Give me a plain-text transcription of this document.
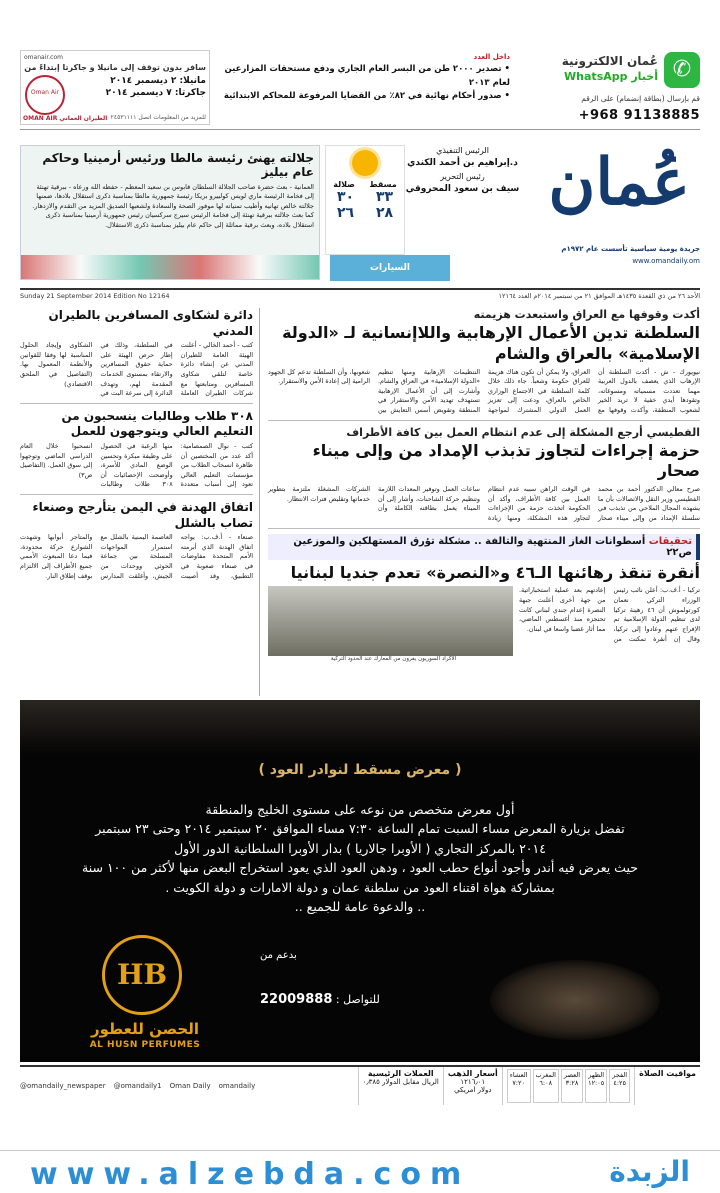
omanair.com
سافر بدون توقف إلى مانيلا و جاكرتا إبتداءً من
مانيلا: ٢ ديسمبر ٢٠١٤
جاكرتا: ٧ ديسمبر ٢٠١٤
Oman Air
الطيران العماني OMAN AIR للمزيد من المعلومات اتصل ٢٤٥٣١١١١
داخل العدد
• تصدير ٢٠٠٠ طن من البسر العام الجاري ودفع مستحقات المزارعين لعام ٢٠١٣
• صدور أحكام نهائية في ٨٢٪ من القضايا المرفوعة للمحاكم الابتدائية
✆
عُمان الالكترونية
أخبار WhatsApp
قم بإرسال (بطاقة إنضمام) على الرقم
+968 91138885
عُمان
جريدة يومية سياسية تأسست عام ١٩٧٢م
www.omandaily.om
الرئيس التنفيذي
د.إبراهيم بن أحمد الكندي
رئيس التحرير
سيف بن سعود المحروقي
صلالة مسقط
٣٠ ٣٣
٢٦ ٢٨
السيارات
جلالته يهنئ رئيسة مالطا ورئيس أرمينيا وحاكم عام بيليز

العمانية - بعث حضرة صاحب الجلالة السلطان قابوس بن سعيد المعظم - حفظه الله ورعاه - ببرقية تهنئة إلى فخامة الرئيسة ماري لويس كولييرو بريكا رئيسة جمهورية مالطا بمناسبة ذكرى استقلال بلادها، ضمنها جلالته خالص تهانيه وأطيب تمنياته لها موفور الصحة والسعادة ولشعبها الصديق المزيد من التقدم والازدهار. كما بعث جلالته ببرقية تهنئة إلى فخامة الرئيس سيرج سركسيان رئيس جمهورية أرمينيا بمناسبة ذكرى استقلال بلاده، وبعث برقية مماثلة إلى حاكم عام بيليز بمناسبة ذكرى الاستقلال.

Sunday 21 September 2014 Edition No 12164	الأحد ٢٦ من ذي القعدة ١٤٣٥هـ الموافق ٢١ من سبتمبر ٢٠١٤م العدد ١٢١٦٤
أكدت وقوفها مع العراق واستبعدت هزيمته
السلطنة تدين الأعمال الإرهابية واللاإنسانية لـ «الدولة الإسلامية» بالعراق والشام
نيويورك - ش - أكدت السلطنة أن الإرهاب الذي يعصف بالدول العربية مهما تعددت مسمياته ومسوغاته، وتقودها أيدي خفية لا تريد الخير لشعوب المنطقة، وأكدت وقوفها مع العراق، ولا يمكن أن تكون هناك هزيمة للعراق حكومة وشعباً. جاء ذلك خلال كلمة السلطنة في الاجتماع الوزاري الخاص بالعراق، ودعت إلى تعزيز العمل الدولي المشترك لمواجهة التنظيمات الإرهابية ومنها تنظيم «الدولة الإسلامية» في العراق والشام. وأشارت إلى أن الأعمال الإرهابية تستهدف تهديد الأمن والاستقرار في المنطقة وتقويض أسس التعايش بين شعوبها، وأن السلطنة تدعم كل الجهود الرامية إلى إعادة الأمن والاستقرار.
الفطيسي أرجع المشكلة إلى عدم انتظام العمل بين كافة الأطراف
حزمة إجراءات لتجاوز تذبذب الإمداد من وإلى ميناء صحار
صرح معالي الدكتور أحمد بن محمد الفطيسي وزير النقل والاتصالات بأن ما يشهده المجال الملاحي من تذبذب في سلسلة الإمداد من وإلى ميناء صحار في الوقت الراهن سببه عدم انتظام العمل بين كافة الأطراف، وأكد أن الحكومة اتخذت حزمة من الإجراءات لتجاوز هذه المشكلة، ومنها زيادة ساعات العمل وتوفير المعدات اللازمة وتنظيم حركة الشاحنات، وأشار إلى أن الميناء يعمل بطاقته الكاملة وأن الشركات المشغلة ملتزمة بتطوير خدماتها وتقليص فترات الانتظار.
تحقيقات أسطوانات الغاز المنتهية والتالفة .. مشكلة تؤرق المستهلكين والموزعين ص٢٢
أنقرة تنقذ رهائنها الـ٤٦ و«النصرة» تعدم جنديا لبنانيا
الأكراد السوريون يفرون من المعارك عند الحدود التركية
تركيا - أ.ف.ب: أعلن نائب رئيس الوزراء التركي نعمان كورتولموش أن ٤٦ رهينة تركيا لدى تنظيم الدولة الإسلامية تم الإفراج عنهم وعادوا إلى تركيا، وقال إن أنقرة تمكنت من إعادتهم بعد عملية استخباراتية. من جهة أخرى أعلنت جبهة النصرة إعدام جندي لبناني كانت تحتجزه منذ أغسطس الماضي، مما أثار غضبا واسعا في لبنان.
دائرة لشكاوى المسافرين بالطيران المدني
كتب - أحمد الخالي - أعلنت الهيئة العامة للطيران المدني عن إنشاء دائرة خاصة لتلقي شكاوى المسافرين ومتابعتها مع شركات الطيران العاملة في السلطنة، وذلك في إطار حرص الهيئة على حماية حقوق المسافرين والارتقاء بمستوى الخدمات المقدمة لهم، وتهدف الدائرة إلى سرعة البت في الشكاوى وإيجاد الحلول المناسبة لها وفقا للقوانين والأنظمة المعمول بها. (التفاصيل في الملحق الاقتصادي)
٣٠٨ طلاب وطالبات ينسحبون من التعليم العالي ويتوجهون للعمل
كتب - نوال الصمصامية: أكد عدد من المختصين أن ظاهرة انسحاب الطلاب من مؤسسات التعليم العالي تعود إلى أسباب متعددة منها الرغبة في الحصول على وظيفة مبكرة وتحسين الوضع المادي للأسرة، وأوضحت الإحصائيات أن ٣٠٨ طلاب وطالبات انسحبوا خلال العام الدراسي الماضي وتوجهوا إلى سوق العمل. (التفاصيل ص٣)
اتفاق الهدنة في اليمن يتأرجح وصنعاء تصاب بالشلل
صنعاء - أ.ف.ب: يواجه اتفاق الهدنة الذي أبرمته الأمم المتحدة مفاوضات في صنعاء صعوبة في التطبيق، وقد أصيبت العاصمة اليمنية بالشلل مع استمرار المواجهات المسلحة بين جماعة الحوثي ووحدات من الجيش، وأغلقت المدارس والمتاجر أبوابها وشهدت الشوارع حركة محدودة، فيما دعا المبعوث الأممي جميع الأطراف إلى الالتزام بوقف إطلاق النار.
( معرض مسقط لنوادر العود )
أول معرض متخصص من نوعه على مستوى الخليج والمنطقة
تفضل بزيارة المعرض مساء السبت تمام الساعة ٧:٣٠ مساء الموافق ٢٠ سبتمبر ٢٠١٤ وحتى ٢٣ سبتمبر
٢٠١٤ بالمركز التجاري ( الأوبرا جالاريا ) بدار الأوبرا السلطانية الدور الأول
حيث يعرض فيه أندر وأجود أنواع حطب العود ، ودهن العود الذي يعود استخراج البعض منها لأكثر من ١٠٠ سنة
بمشاركة هواة اقتناء العود من سلطنة عمان و دولة الامارات و دولة الكويت .
.. والدعوة عامة للجميع ..
بدعم من
للتواصل : 22009888
HB
الحصن للعطور
AL HUSN PERFUMES
مواقيت الصلاة
الفجر
٤:٢٥
الظهر
١٢:٠٥
العصر
٣:٢٨
المغرب
٦:٠٨
العشاء
٧:٢٠
أسعار الذهب
١٢١٦٫٠١
دولار امريكي
العملات الرئيسية
الريال مقابل الدولار ٠٫٣٨٥
@omandaily_newspaper @omandaily1 Oman Daily omandaily
www.alzebda.com	الزبدة
